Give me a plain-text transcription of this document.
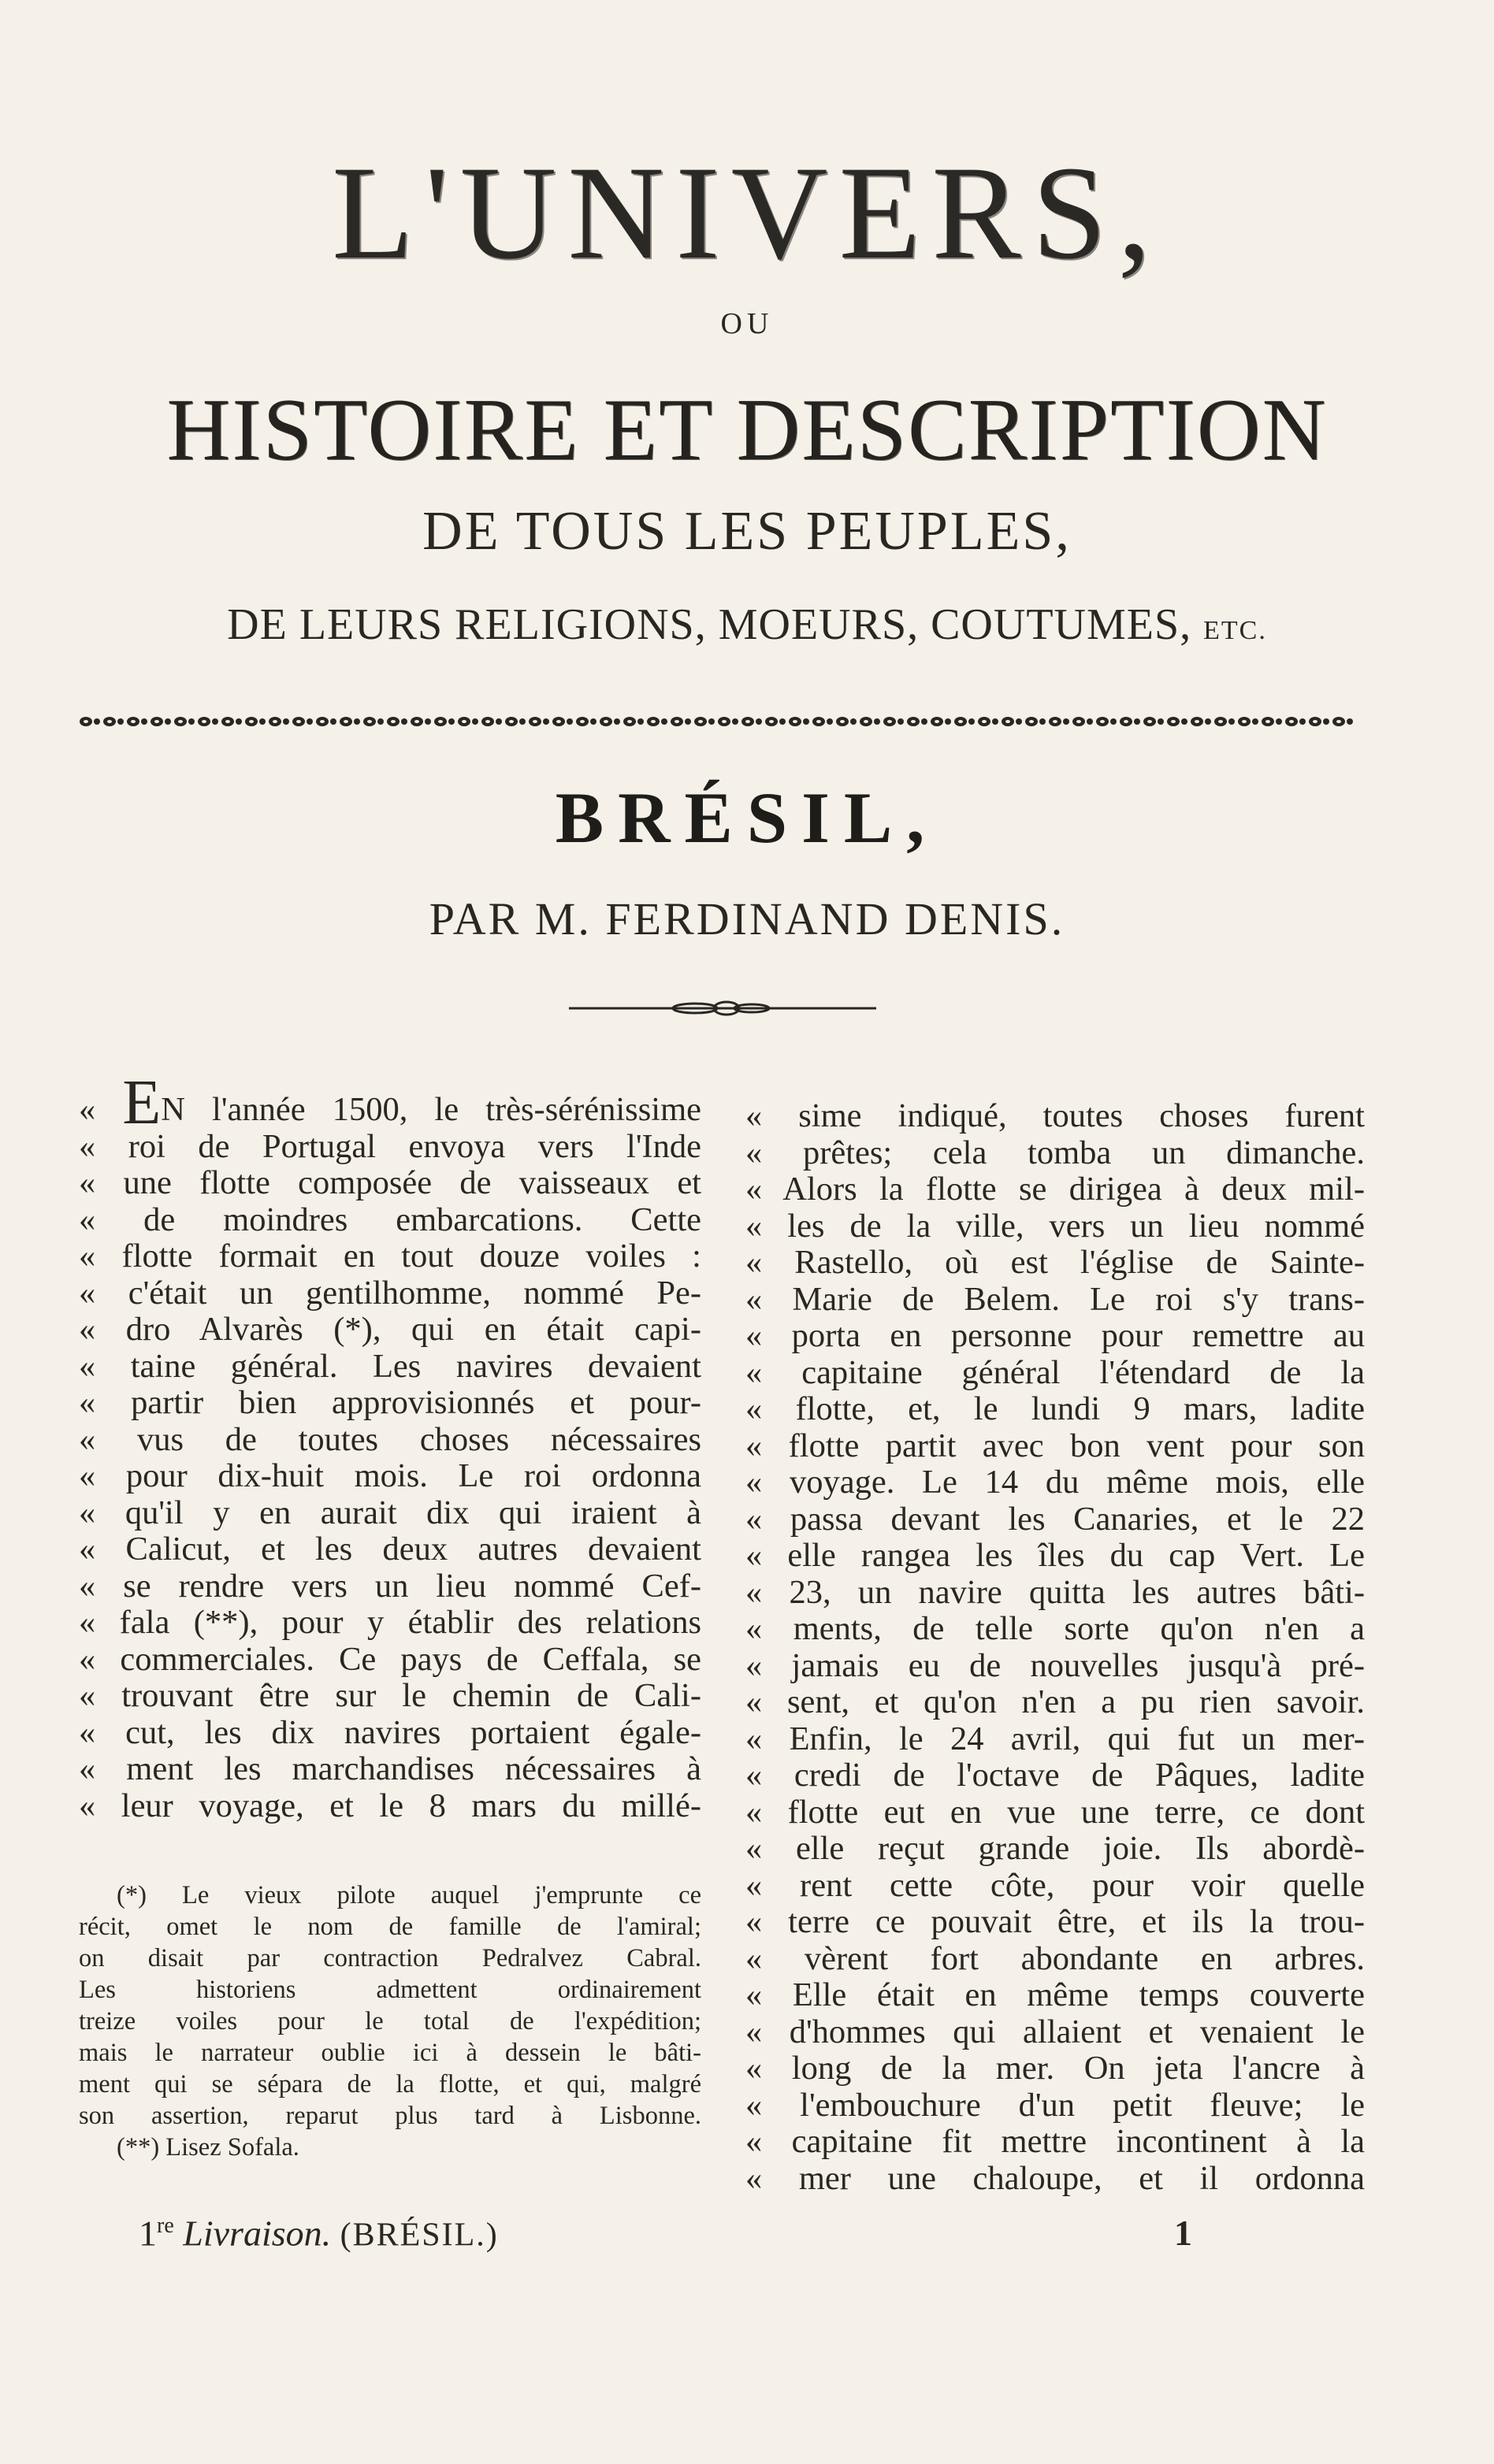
L'UNIVERS,
OU
HISTOIRE ET DESCRIPTION
DE TOUS LES PEUPLES,
DE LEURS RELIGIONS, MOEURS, COUTUMES, ETC.
BRÉSIL,
PAR M. FERDINAND DENIS.
« EN l'année 1500, le très-sérénissime
« roi de Portugal envoya vers l'Inde
« une flotte composée de vaisseaux et
« de moindres embarcations. Cette
« flotte formait en tout douze voiles :
« c'était un gentilhomme, nommé Pe-
« dro Alvarès (*), qui en était capi-
« taine général. Les navires devaient
« partir bien approvisionnés et pour-
« vus de toutes choses nécessaires
« pour dix-huit mois. Le roi ordonna
« qu'il y en aurait dix qui iraient à
« Calicut, et les deux autres devaient
« se rendre vers un lieu nommé Cef-
« fala (**), pour y établir des relations
« commerciales. Ce pays de Ceffala, se
« trouvant être sur le chemin de Cali-
« cut, les dix navires portaient égale-
« ment les marchandises nécessaires à
« leur voyage, et le 8 mars du millé-
(*) Le vieux pilote auquel j'emprunte ce
récit, omet le nom de famille de l'amiral;
on disait par contraction Pedralvez Cabral.
Les historiens admettent ordinairement
treize voiles pour le total de l'expédition;
mais le narrateur oublie ici à dessein le bâti-
ment qui se sépara de la flotte, et qui, malgré
son assertion, reparut plus tard à Lisbonne.
(**) Lisez Sofala.
« sime indiqué, toutes choses furent
« prêtes; cela tomba un dimanche.
« Alors la flotte se dirigea à deux mil-
« les de la ville, vers un lieu nommé
« Rastello, où est l'église de Sainte-
« Marie de Belem. Le roi s'y trans-
« porta en personne pour remettre au
« capitaine général l'étendard de la
« flotte, et, le lundi 9 mars, ladite
« flotte partit avec bon vent pour son
« voyage. Le 14 du même mois, elle
« passa devant les Canaries, et le 22
« elle rangea les îles du cap Vert. Le
« 23, un navire quitta les autres bâti-
« ments, de telle sorte qu'on n'en a
« jamais eu de nouvelles jusqu'à pré-
« sent, et qu'on n'en a pu rien savoir.
« Enfin, le 24 avril, qui fut un mer-
« credi de l'octave de Pâques, ladite
« flotte eut en vue une terre, ce dont
« elle reçut grande joie. Ils abordè-
« rent cette côte, pour voir quelle
« terre ce pouvait être, et ils la trou-
« vèrent fort abondante en arbres.
« Elle était en même temps couverte
« d'hommes qui allaient et venaient le
« long de la mer. On jeta l'ancre à
« l'embouchure d'un petit fleuve; le
« capitaine fit mettre incontinent à la
« mer une chaloupe, et il ordonna
1re Livraison. (BRÉSIL.)	1
